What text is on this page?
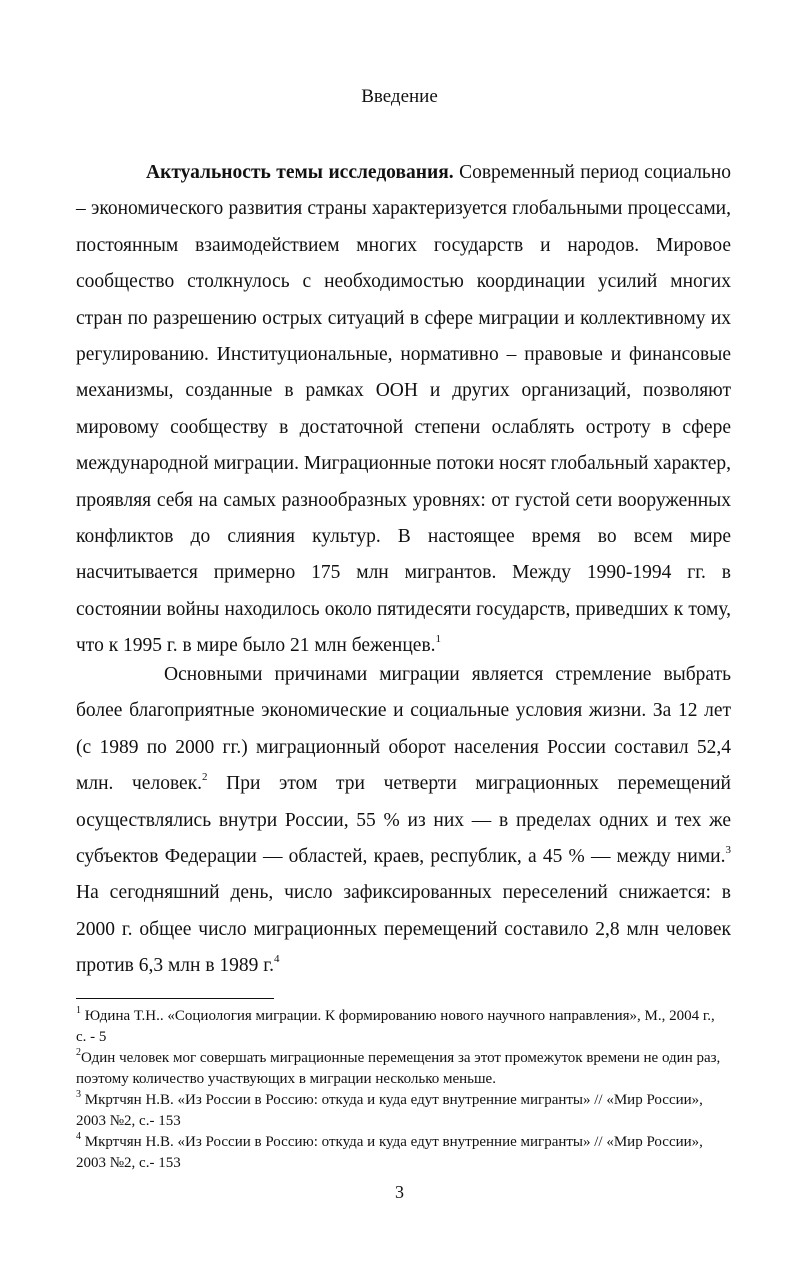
Введение
Актуальность темы исследования. Современный период социально – экономического развития страны характеризуется глобальными процессами, постоянным взаимодействием многих государств и народов. Мировое сообщество столкнулось с необходимостью координации усилий многих стран по разрешению острых ситуаций в сфере миграции и коллективному их регулированию. Институциональные, нормативно – правовые и финансовые механизмы, созданные в рамках ООН и других организаций, позволяют мировому сообществу в достаточной степени ослаблять остроту в сфере международной миграции. Миграционные потоки носят глобальный характер, проявляя себя на самых разнообразных уровнях: от густой сети вооруженных конфликтов до слияния культур. В настоящее время во всем мире насчитывается примерно 175 млн мигрантов. Между 1990-1994 гг. в состоянии войны находилось около пятидесяти государств, приведших к тому, что к 1995 г. в мире было 21 млн беженцев.$^1$
Основными причинами миграции является стремление выбрать более благоприятные экономические и социальные условия жизни. За 12 лет (с 1989 по 2000 гг.) миграционный оборот населения России составил 52,4 млн. человек.$^2$ При этом три четверти миграционных перемещений осуществлялись внутри России, 55 % из них — в пределах одних и тех же субъектов Федерации — областей, краев, республик, а 45 % — между ними.$^3$ На сегодняшний день, число зафиксированных переселений снижается: в 2000 г. общее число миграционных перемещений составило 2,8 млн человек против 6,3 млн в 1989 г.$^4$
$^1$ Юдина Т.Н.. «Социология миграции. К формированию нового научного направления», М., 2004 г., с. - 5
$^2$Один человек мог совершать миграционные перемещения за этот промежуток времени не один раз, поэтому количество участвующих в миграции несколько меньше.
$^3$ Мкртчян Н.В. «Из России в Россию: откуда и куда едут внутренние мигранты» // «Мир России», 2003 №2, с.- 153
$^4$ Мкртчян Н.В. «Из России в Россию: откуда и куда едут внутренние мигранты» // «Мир России», 2003 №2, с.- 153
3
